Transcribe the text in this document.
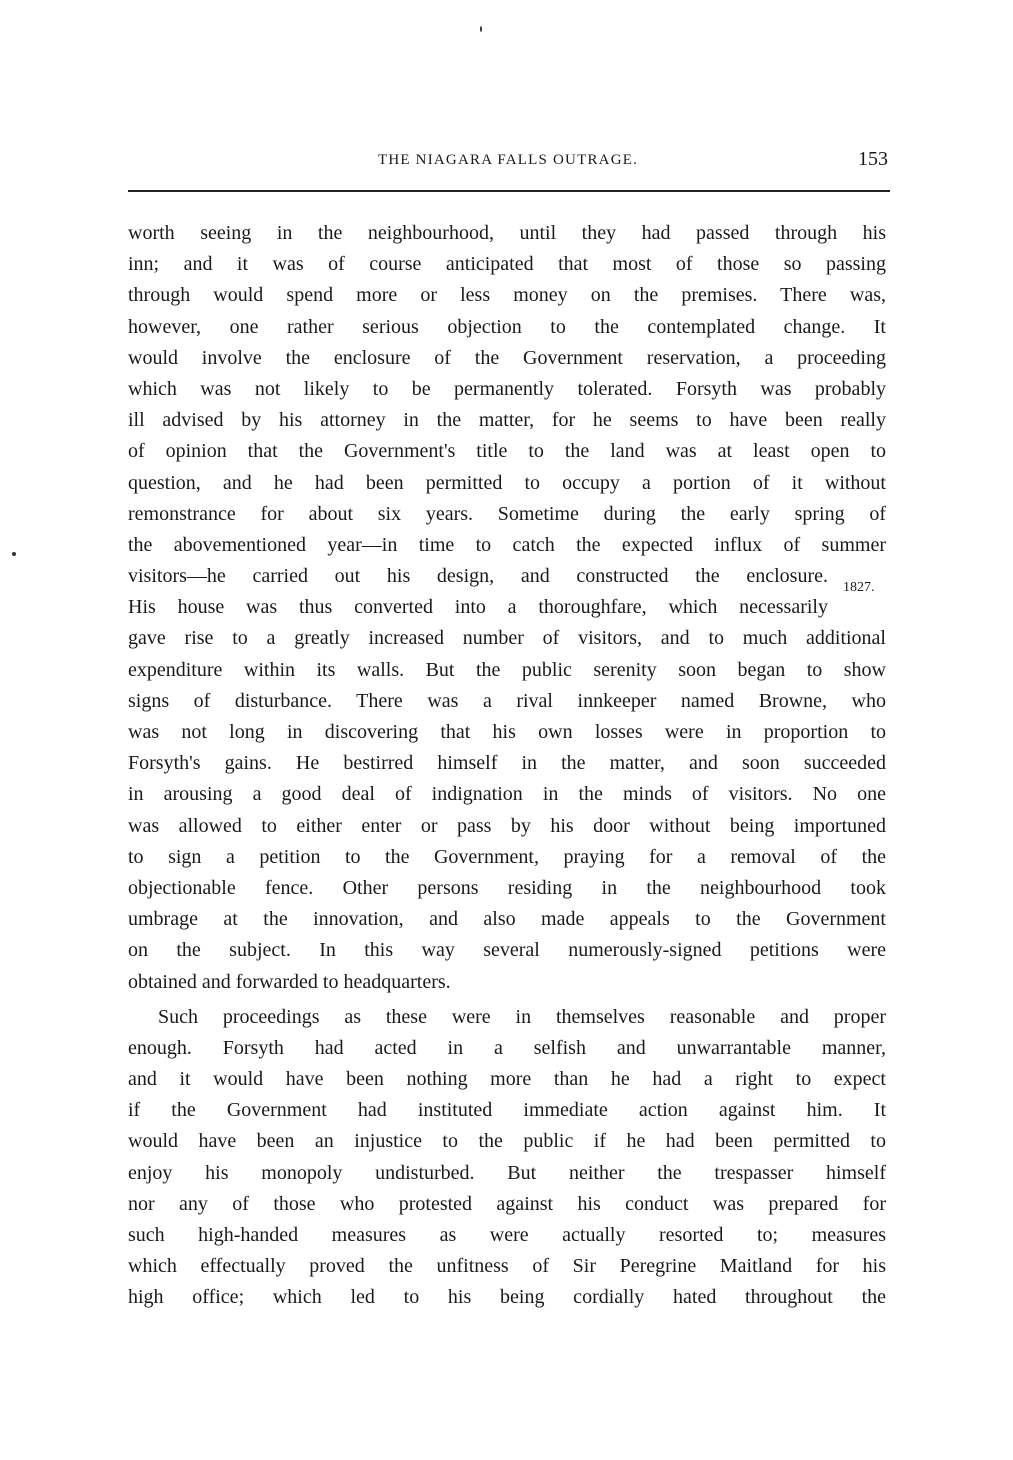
THE NIAGARA FALLS OUTRAGE.	153
1827.
worth seeing in the neighbourhood, until they had passed through his
inn; and it was of course anticipated that most of those so passing
through would spend more or less money on the premises. There was,
however, one rather serious objection to the contemplated change. It
would involve the enclosure of the Government reservation, a proceeding
which was not likely to be permanently tolerated. Forsyth was probably
ill advised by his attorney in the matter, for he seems to have been really
of opinion that the Government's title to the land was at least open to
question, and he had been permitted to occupy a portion of it without
remonstrance for about six years. Sometime during the early spring of
the abovementioned year—in time to catch the expected influx of summer
visitors—he carried out his design, and constructed the enclosure.
His house was thus converted into a thoroughfare, which necessarily
gave rise to a greatly increased number of visitors, and to much additional
expenditure within its walls. But the public serenity soon began to show
signs of disturbance. There was a rival innkeeper named Browne, who
was not long in discovering that his own losses were in proportion to
Forsyth's gains. He bestirred himself in the matter, and soon succeeded
in arousing a good deal of indignation in the minds of visitors. No one
was allowed to either enter or pass by his door without being importuned
to sign a petition to the Government, praying for a removal of the
objectionable fence. Other persons residing in the neighbourhood took
umbrage at the innovation, and also made appeals to the Government
on the subject. In this way several numerously-signed petitions were
obtained and forwarded to headquarters.
Such proceedings as these were in themselves reasonable and proper
enough. Forsyth had acted in a selfish and unwarrantable manner,
and it would have been nothing more than he had a right to expect
if the Government had instituted immediate action against him. It
would have been an injustice to the public if he had been permitted to
enjoy his monopoly undisturbed. But neither the trespasser himself
nor any of those who protested against his conduct was prepared for
such high-handed measures as were actually resorted to; measures
which effectually proved the unfitness of Sir Peregrine Maitland for his
high office; which led to his being cordially hated throughout the
